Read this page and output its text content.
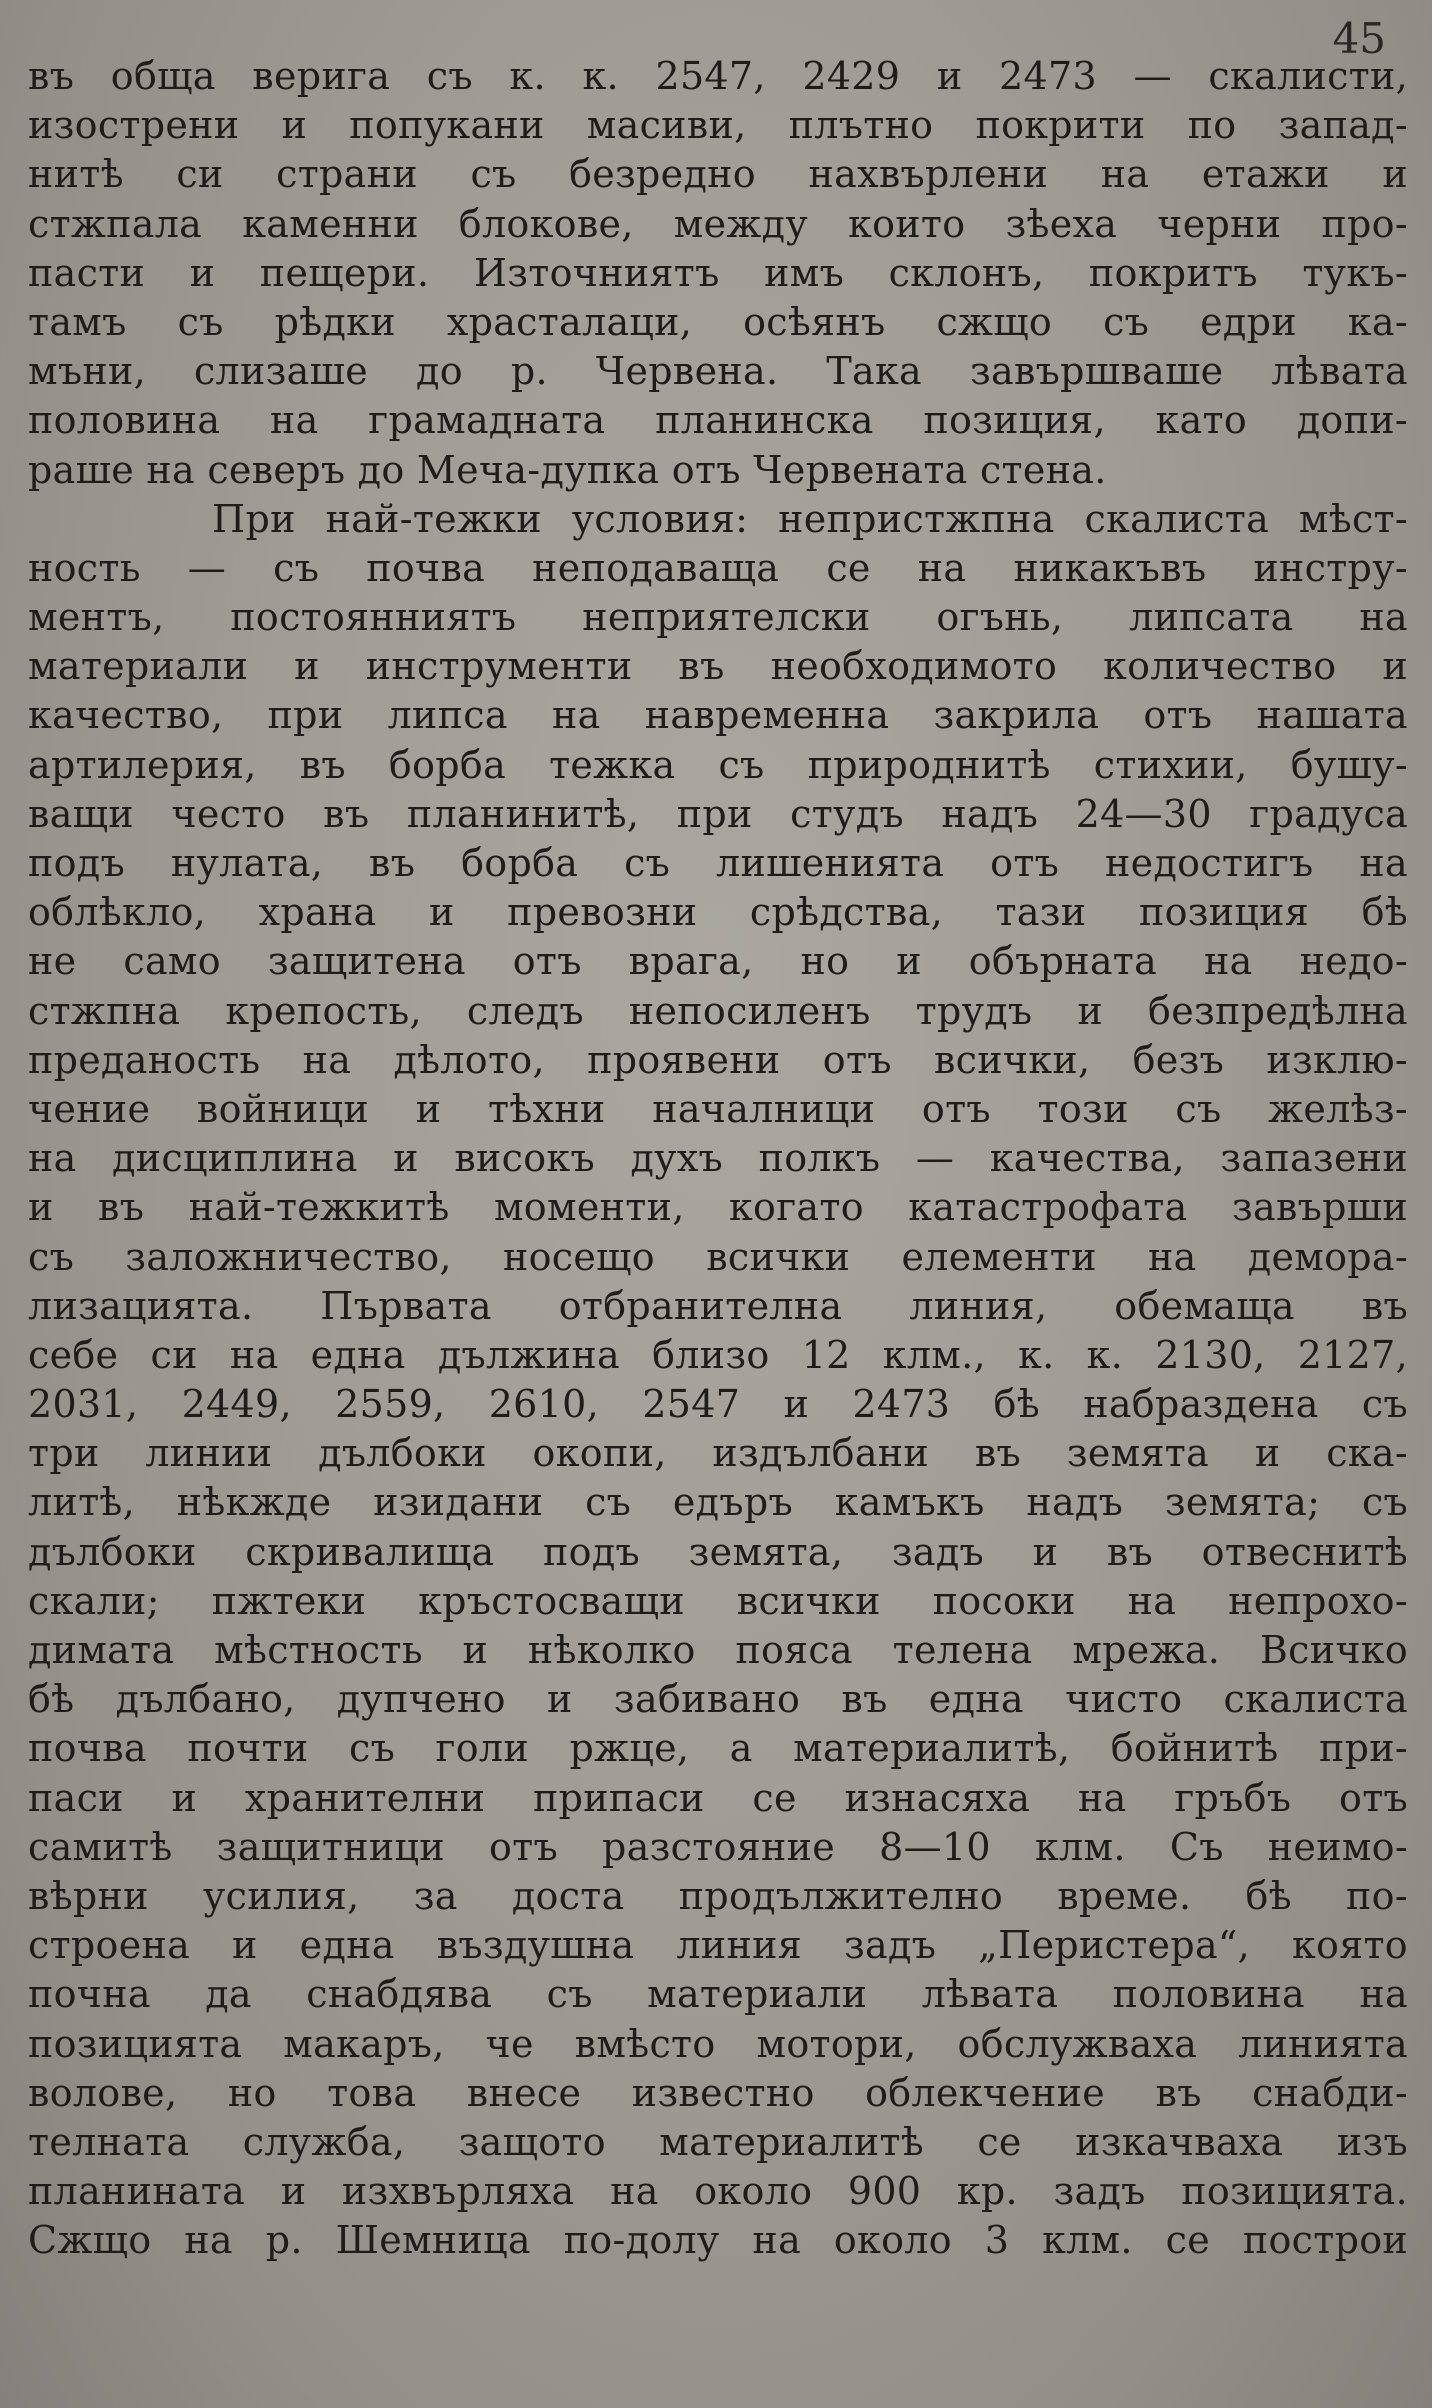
45
въ обща верига съ к. к. 2547, 2429 и 2473 — скалисти,
изострени и попукани масиви, плътно покрити по запад-
нитѣ си страни съ безредно нахвърлени на етажи и
стжпала каменни блокове, между които зѣеха черни про-
пасти и пещери. Източниятъ имъ склонъ, покритъ тукъ-
тамъ съ рѣдки храсталаци, осѣянъ сжщо съ едри ка-
мъни, слизаше до р. Червена. Така завършваше лѣвата
половина на грамадната планинска позиция, като допи-
раше на северъ до Меча-дупка отъ Червената стена.
При най-тежки условия: непристжпна скалиста мѣст-
ность — съ почва неподаваща се на никакъвъ инстру-
ментъ, постоянниятъ неприятелски огънь, липсата на
материали и инструменти въ необходимото количество и
качество, при липса на навременна закрила отъ нашата
артилерия, въ борба тежка съ природнитѣ стихии, бушу-
ващи често въ планинитѣ, при студъ надъ 24—30 градуса
подъ нулата, въ борба съ лишенията отъ недостигъ на
облѣкло, храна и превозни срѣдства, тази позиция бѣ
не само защитена отъ врага, но и обърната на недо-
стжпна крепость, следъ непосиленъ трудъ и безпредѣлна
преданость на дѣлото, проявени отъ всички, безъ изклю-
чение войници и тѣхни началници отъ този съ желѣз-
на дисциплина и високъ духъ полкъ — качества, запазени
и въ най-тежкитѣ моменти, когато катастрофата завърши
съ заложничество, носещо всички елементи на демора-
лизацията. Първата отбранителна линия, обемаща въ
себе си на една дължина близо 12 клм., к. к. 2130, 2127,
2031, 2449, 2559, 2610, 2547 и 2473 бѣ набраздена съ
три линии дълбоки окопи, издълбани въ земята и ска-
литѣ, нѣкжде изидани съ едъръ камъкъ надъ земята; съ
дълбоки скривалища подъ земята, задъ и въ отвеснитѣ
скали; пжтеки кръстосващи всички посоки на непрохо-
димата мѣстность и нѣколко пояса телена мрежа. Всичко
бѣ дълбано, дупчено и забивано въ една чисто скалиста
почва почти съ голи ржце, а материалитѣ, бойнитѣ при-
паси и хранителни припаси се изнасяха на гръбъ отъ
самитѣ защитници отъ разстояние 8—10 клм. Съ неимо-
вѣрни усилия, за доста продължително време. бѣ по-
строена и една въздушна линия задъ „Перистера“, която
почна да снабдява съ материали лѣвата половина на
позицията макаръ, че вмѣсто мотори, обслужваха линията
волове, но това внесе известно облекчение въ снабди-
телната служба, защото материалитѣ се изкачваха изъ
планината и изхвърляха на около 900 кр. задъ позицията.
Сжщо на р. Шемница по-долу на около 3 клм. се построи
